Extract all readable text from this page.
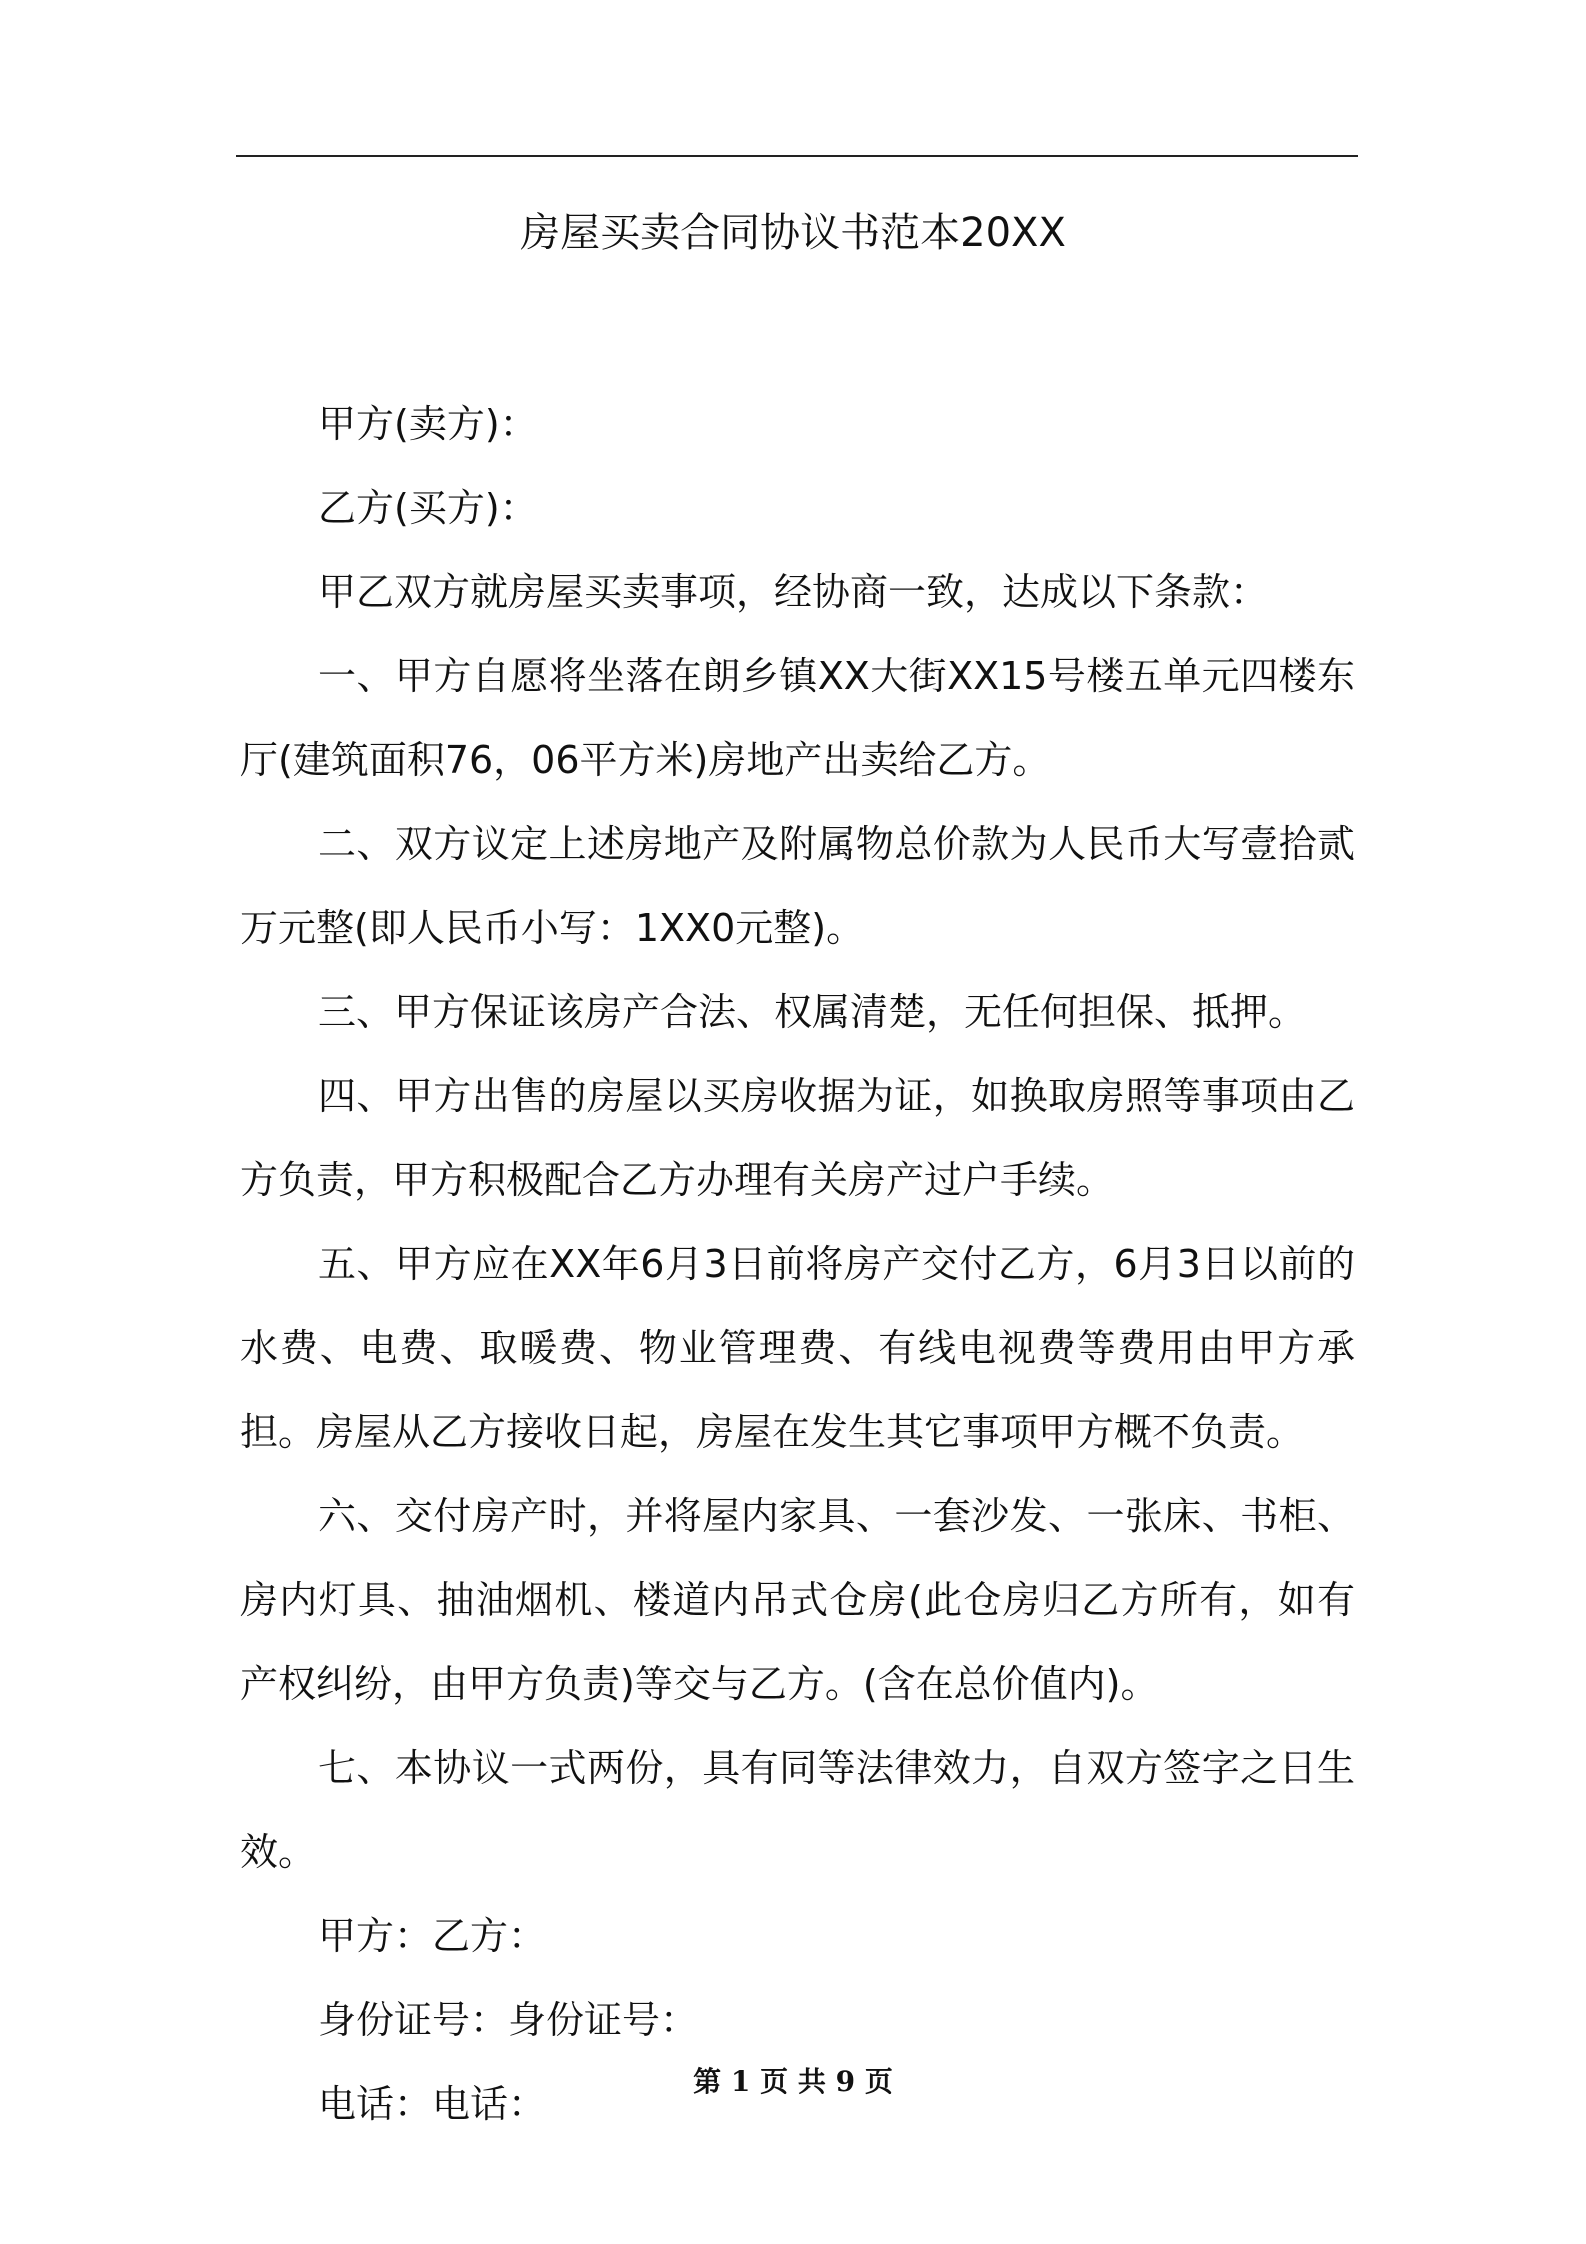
房屋买卖合同协议书范本20XX

甲方(卖方)：

乙方(买方)：

甲乙双方就房屋买卖事项，经协商一致，达成以下条款：

一、甲方自愿将坐落在朗乡镇XX大街XX15号楼五单元四楼东厅(建筑面积76，06平方米)房地产出卖给乙方。

二、双方议定上述房地产及附属物总价款为人民币大写壹拾贰万元整(即人民币小写：1XX0元整)。

三、甲方保证该房产合法、权属清楚，无任何担保、抵押。

四、甲方出售的房屋以买房收据为证，如换取房照等事项由乙方负责，甲方积极配合乙方办理有关房产过户手续。

五、甲方应在XX年6月3日前将房产交付乙方，6月3日以前的水费、电费、取暖费、物业管理费、有线电视费等费用由甲方承担。房屋从乙方接收日起，房屋在发生其它事项甲方概不负责。

六、交付房产时，并将屋内家具、一套沙发、一张床、书柜、房内灯具、抽油烟机、楼道内吊式仓房(此仓房归乙方所有，如有产权纠纷，由甲方负责)等交与乙方。(含在总价值内)。

七、本协议一式两份，具有同等法律效力，自双方签字之日生效。

甲方：乙方：

身份证号：身份证号：

电话：电话：

第 1 页 共 9 页
